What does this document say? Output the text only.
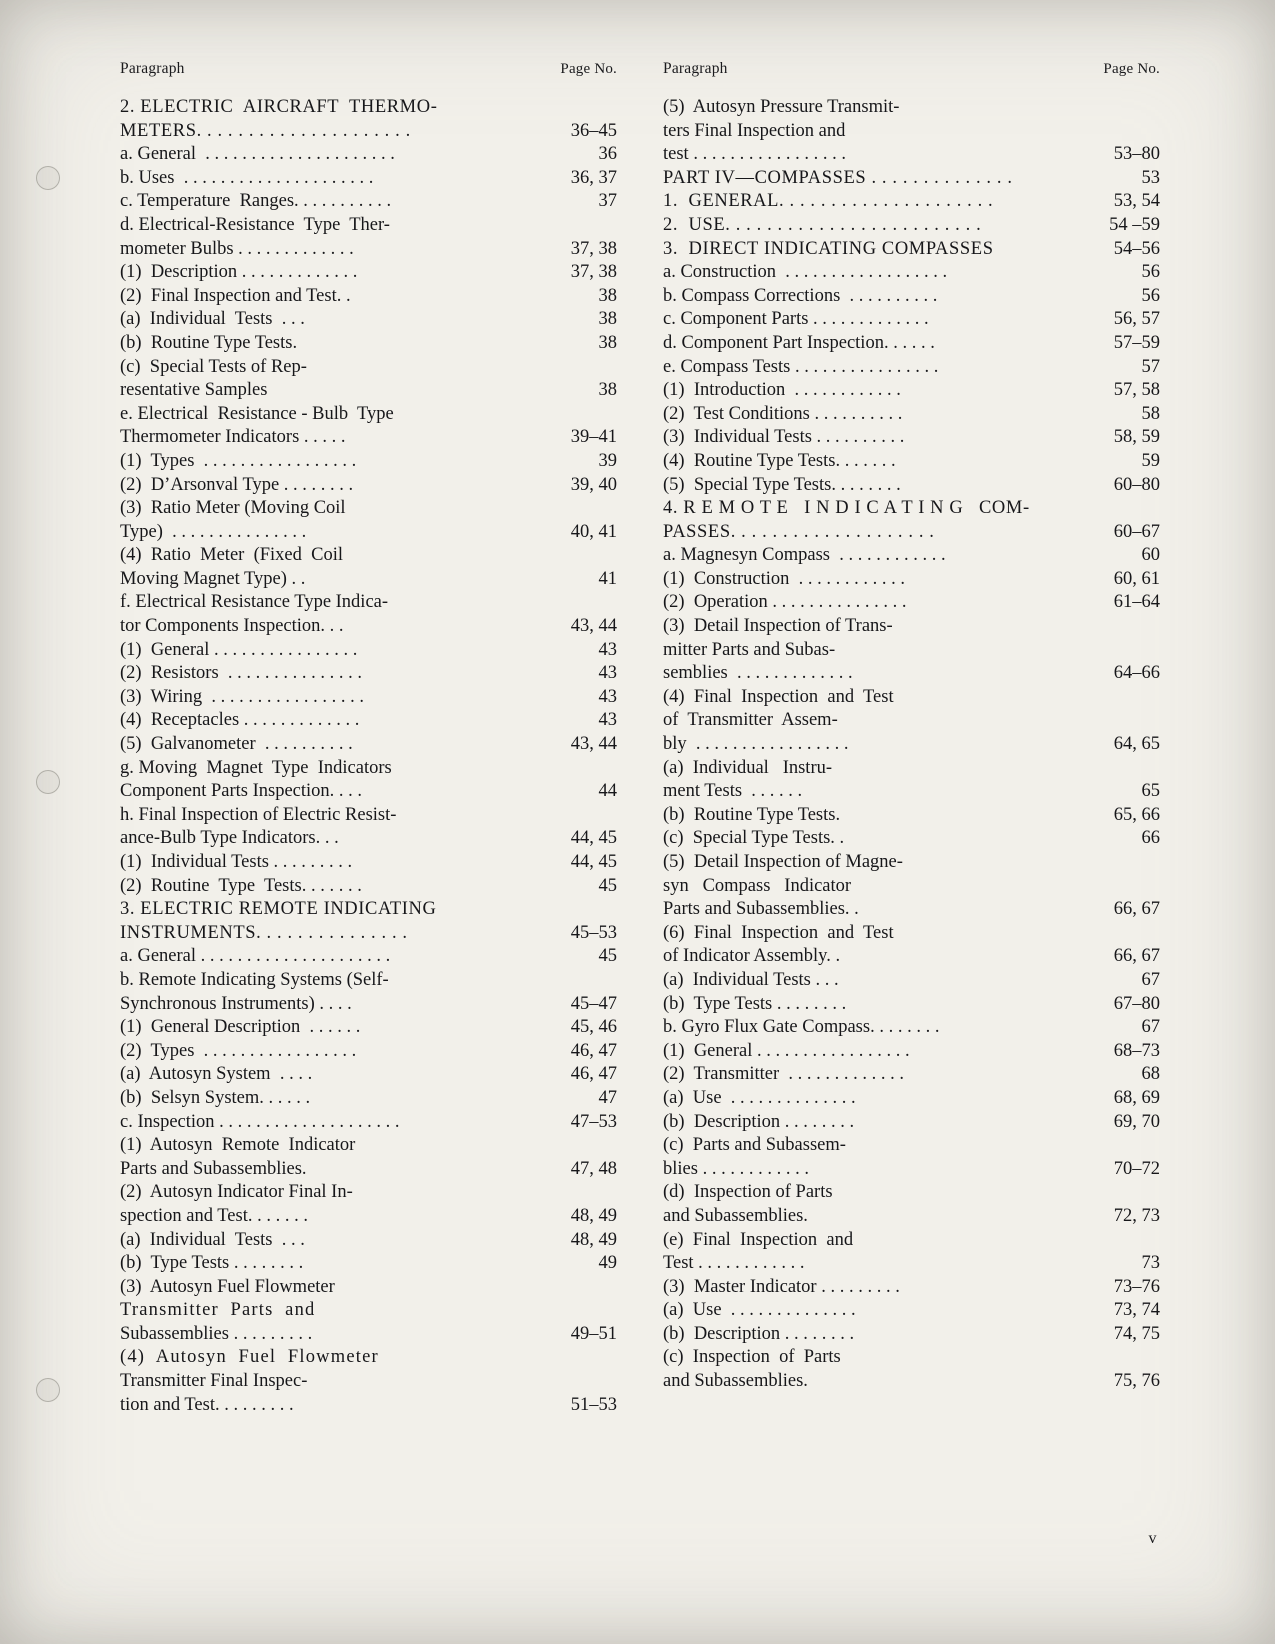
Paragraph	Page No.
2. ELECTRIC  AIRCRAFT  THERMO-	
METERS. . . . . . . . . . . . . . . . . . . . .	36–45
a. General  . . . . . . . . . . . . . . . . . . . . .	36
b. Uses  . . . . . . . . . . . . . . . . . . . . .	36, 37
c. Temperature  Ranges. . . . . . . . . . .	37
d. Electrical-Resistance  Type  Ther-	
mometer Bulbs . . . . . . . . . . . . .	37, 38
(1)  Description . . . . . . . . . . . . .	37, 38
(2)  Final Inspection and Test. .	38
(a)  Individual  Tests  . . .	38
(b)  Routine Type Tests.	38
(c)  Special Tests of Rep-	
resentative Samples	38
e. Electrical  Resistance - Bulb  Type	
Thermometer Indicators . . . . .	39–41
(1)  Types  . . . . . . . . . . . . . . . . .	39
(2)  D’Arsonval Type . . . . . . . .	39, 40
(3)  Ratio Meter (Moving Coil	
Type)  . . . . . . . . . . . . . . .	40, 41
(4)  Ratio  Meter  (Fixed  Coil	
Moving Magnet Type) . .	41
f. Electrical Resistance Type Indica-	
tor Components Inspection. . .	43, 44
(1)  General . . . . . . . . . . . . . . . .	43
(2)  Resistors  . . . . . . . . . . . . . . .	43
(3)  Wiring  . . . . . . . . . . . . . . . . .	43
(4)  Receptacles . . . . . . . . . . . . .	43
(5)  Galvanometer  . . . . . . . . . .	43, 44
g. Moving  Magnet  Type  Indicators	
Component Parts Inspection. . . .	44
h. Final Inspection of Electric Resist-	
ance-Bulb Type Indicators. . .	44, 45
(1)  Individual Tests . . . . . . . . .	44, 45
(2)  Routine  Type  Tests. . . . . . .	45
3. ELECTRIC REMOTE INDICATING	
INSTRUMENTS. . . . . . . . . . . . . . .	45–53
a. General . . . . . . . . . . . . . . . . . . . . .	45
b. Remote Indicating Systems (Self-	
Synchronous Instruments) . . . .	45–47
(1)  General Description  . . . . . .	45, 46
(2)  Types  . . . . . . . . . . . . . . . . .	46, 47
(a)  Autosyn System  . . . .	46, 47
(b)  Selsyn System. . . . . .	47
c. Inspection . . . . . . . . . . . . . . . . . . . .	47–53
(1)  Autosyn  Remote  Indicator	
Parts and Subassemblies.	47, 48
(2)  Autosyn Indicator Final In-	
spection and Test. . . . . . .	48, 49
(a)  Individual  Tests  . . .	48, 49
(b)  Type Tests . . . . . . . .	49
(3)  Autosyn Fuel Flowmeter	
Transmitter  Parts  and	
Subassemblies . . . . . . . . .	49–51
(4)  Autosyn  Fuel  Flowmeter	
Transmitter Final Inspec-	
tion and Test. . . . . . . . .	51–53
Paragraph	Page No.
(5)  Autosyn Pressure Transmit-	
ters Final Inspection and	
test . . . . . . . . . . . . . . . . .	53–80
PART IV—COMPASSES . . . . . . . . . . . . . .	53
1.  GENERAL. . . . . . . . . . . . . . . . . . . . .	53, 54
2.  USE. . . . . . . . . . . . . . . . . . . . . . . . .	54 –59
3.  DIRECT INDICATING COMPASSES	54–56
a. Construction  . . . . . . . . . . . . . . . . . .	56
b. Compass Corrections  . . . . . . . . . .	56
c. Component Parts . . . . . . . . . . . . .	56, 57
d. Component Part Inspection. . . . . .	57–59
e. Compass Tests . . . . . . . . . . . . . . . .	57
(1)  Introduction  . . . . . . . . . . . .	57, 58
(2)  Test Conditions . . . . . . . . . .	58
(3)  Individual Tests . . . . . . . . . .	58, 59
(4)  Routine Type Tests. . . . . . .	59
(5)  Special Type Tests. . . . . . . .	60–80
4. R E M O T E   I N D I C A T I N G   COM-	
PASSES. . . . . . . . . . . . . . . . . . . .	60–67
a. Magnesyn Compass  . . . . . . . . . . . .	60
(1)  Construction  . . . . . . . . . . . .	60, 61
(2)  Operation . . . . . . . . . . . . . . .	61–64
(3)  Detail Inspection of Trans-	
mitter Parts and Subas-	
semblies  . . . . . . . . . . . . .	64–66
(4)  Final  Inspection  and  Test	
of  Transmitter  Assem-	
bly  . . . . . . . . . . . . . . . . .	64, 65
(a)  Individual   Instru-	
ment Tests  . . . . . .	65
(b)  Routine Type Tests.	65, 66
(c)  Special Type Tests. .	66
(5)  Detail Inspection of Magne-	
syn   Compass   Indicator	
Parts and Subassemblies. .	66, 67
(6)  Final  Inspection  and  Test	
of Indicator Assembly. .	66, 67
(a)  Individual Tests . . .	67
(b)  Type Tests . . . . . . . .	67–80
b. Gyro Flux Gate Compass. . . . . . . .	67
(1)  General . . . . . . . . . . . . . . . . .	68–73
(2)  Transmitter  . . . . . . . . . . . . .	68
(a)  Use  . . . . . . . . . . . . . .	68, 69
(b)  Description . . . . . . . .	69, 70
(c)  Parts and Subassem-	
blies . . . . . . . . . . . .	70–72
(d)  Inspection of Parts	
and Subassemblies.	72, 73
(e)  Final  Inspection  and	
Test . . . . . . . . . . . .	73
(3)  Master Indicator . . . . . . . . .	73–76
(a)  Use  . . . . . . . . . . . . . .	73, 74
(b)  Description . . . . . . . .	74, 75
(c)  Inspection  of  Parts	
and Subassemblies.	75, 76
v
